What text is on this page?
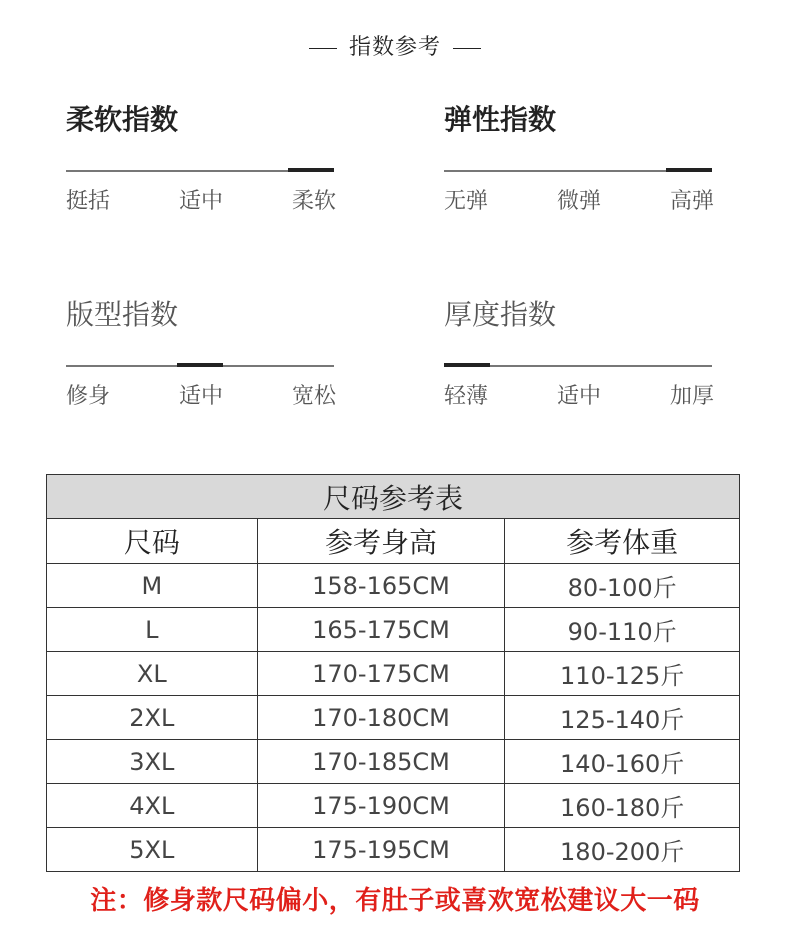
指数参考
柔软指数
挺括	适中	柔软
弹性指数
无弹	微弹	高弹
版型指数
修身	适中	宽松
厚度指数
轻薄	适中	加厚
尺码参考表		
尺码	参考身高	参考体重
M	158-165CM	80-100斤
L	165-175CM	90-110斤
XL	170-175CM	110-125斤
2XL	170-180CM	125-140斤
3XL	170-185CM	140-160斤
4XL	175-190CM	160-180斤
5XL	175-195CM	180-200斤
注：修身款尺码偏小，有肚子或喜欢宽松建议大一码
